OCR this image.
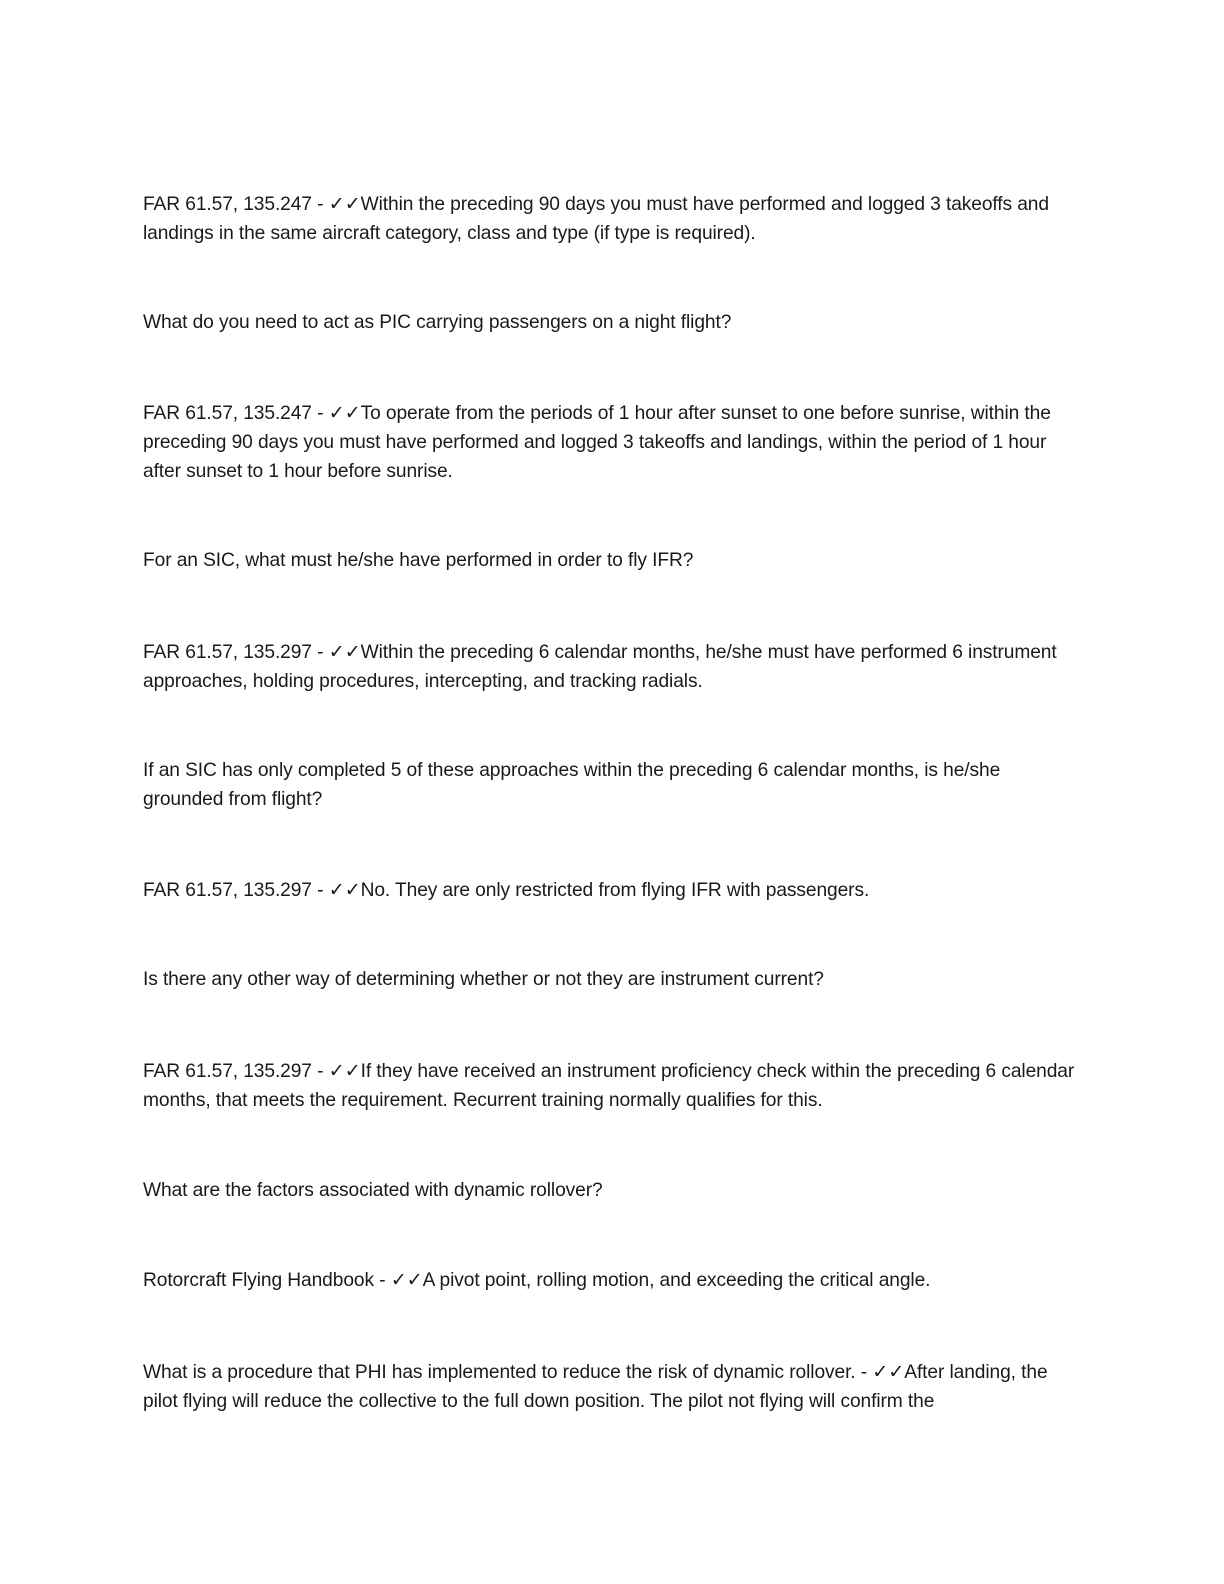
FAR 61.57, 135.247 - ✓✓Within the preceding 90 days you must have performed and logged 3 takeoffs and landings in the same aircraft category, class and type (if type is required).

What do you need to act as PIC carrying passengers on a night flight?

FAR 61.57, 135.247 - ✓✓To operate from the periods of 1 hour after sunset to one before sunrise, within the preceding 90 days you must have performed and logged 3 takeoffs and landings, within the period of 1 hour after sunset to 1 hour before sunrise.

For an SIC, what must he/she have performed in order to fly IFR?

FAR 61.57, 135.297 - ✓✓Within the preceding 6 calendar months, he/she must have performed 6 instrument approaches, holding procedures, intercepting, and tracking radials.

If an SIC has only completed 5 of these approaches within the preceding 6 calendar months, is he/she grounded from flight?

FAR 61.57, 135.297 - ✓✓No. They are only restricted from flying IFR with passengers.

Is there any other way of determining whether or not they are instrument current?

FAR 61.57, 135.297 - ✓✓If they have received an instrument proficiency check within the preceding 6 calendar months, that meets the requirement. Recurrent training normally qualifies for this.

What are the factors associated with dynamic rollover?

Rotorcraft Flying Handbook - ✓✓A pivot point, rolling motion, and exceeding the critical angle.

What is a procedure that PHI has implemented to reduce the risk of dynamic rollover. - ✓✓After landing, the pilot flying will reduce the collective to the full down position. The pilot not flying will confirm the
